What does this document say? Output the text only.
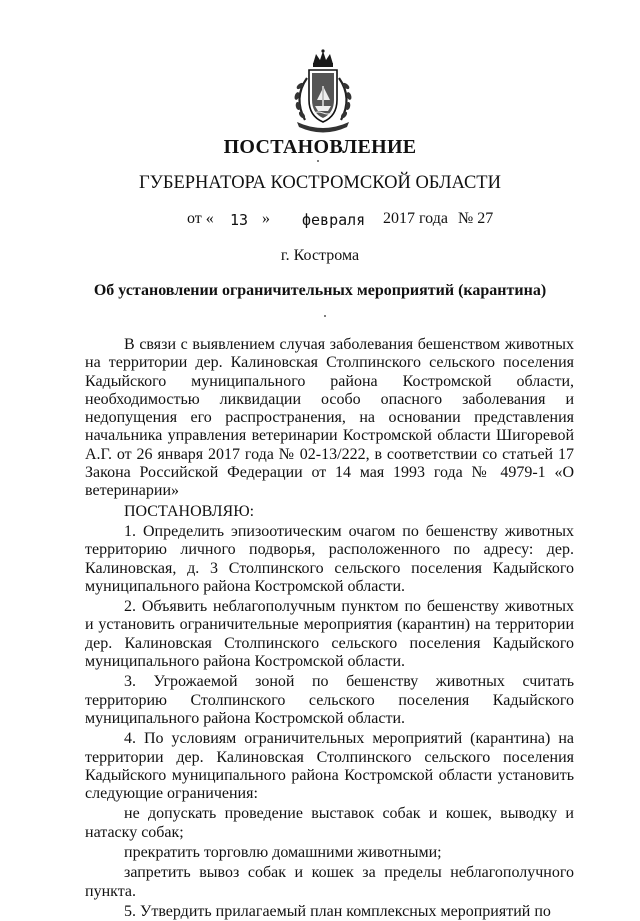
ПОСТАНОВЛЕНИЕ
ГУБЕРНАТОРА КОСТРОМСКОЙ ОБЛАСТИ
от « 13 » февраля 2017 года № 27
г. Кострома
Об установлении ограничительных мероприятий (карантина)

В связи с выявлением случая заболевания бешенством животных на территории дер. Калиновская Столпинского сельского поселения Кадыйского муниципального района Костромской области, необходимостью ликвидации особо опасного заболевания и недопущения его распространения, на основании представления начальника управления ветеринарии Костромской области Шигоревой А.Г. от 26 января 2017 года № 02-13/222, в соответствии со статьей 17 Закона Российской Федерации от 14 мая 1993 года № 4979-1 «О ветеринарии»

ПОСТАНОВЛЯЮ:

1. Определить эпизоотическим очагом по бешенству животных территорию личного подворья, расположенного по адресу: дер. Калиновская, д. 3 Столпинского сельского поселения Кадыйского муниципального района Костромской области.

2. Объявить неблагополучным пунктом по бешенству животных и установить ограничительные мероприятия (карантин) на территории дер. Калиновская Столпинского сельского поселения Кадыйского муниципального района Костромской области.

3. Угрожаемой зоной по бешенству животных считать территорию Столпинского сельского поселения Кадыйского муниципального района Костромской области.

4. По условиям ограничительных мероприятий (карантина) на территории дер. Калиновская Столпинского сельского поселения Кадыйского муниципального района Костромской области установить следующие ограничения:

не допускать проведение выставок собак и кошек, выводку и натаску собак;

прекратить торговлю домашними животными;

запретить вывоз собак и кошек за пределы неблагополучного пункта.

5. Утвердить прилагаемый план комплексных мероприятий по
